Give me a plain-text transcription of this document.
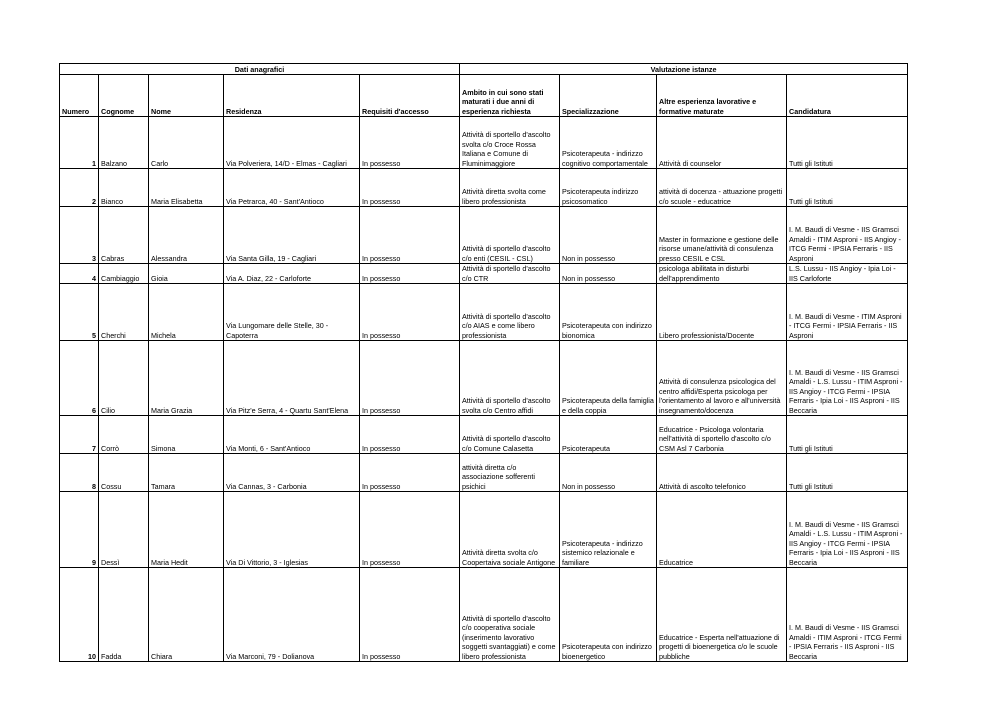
Dati anagrafici					Valutazione istanze			
Numero	Cognome	Nome	Residenza	Requisiti d'accesso	Ambito in cui sono stati maturati i due anni di esperienza richiesta	Specializzazione	Altre esperienza lavorative e formative maturate	Candidatura
1	Balzano	Carlo	Via Polveriera, 14/D - Elmas - Cagliari	In possesso	Attività di sportello d'ascolto svolta c/o Croce Rossa Italiana e Comune di Fluminimaggiore	Psicoterapeuta - indirizzo cognitivo comportamentale	Attività di counselor	Tutti gli Istituti
2	Bianco	Maria Elisabetta	Via Petrarca, 40 - Sant'Antioco	In possesso	Attività diretta svolta come libero professionista	Psicoterapeuta indirizzo psicosomatico	attività di docenza - attuazione progetti c/o scuole - educatrice	Tutti gli Istituti
3	Cabras	Alessandra	Via Santa Gilla, 19 - Cagliari	In possesso	Attività di sportello d'ascolto c/o enti (CESIL - CSL)	Non in possesso	Master in formazione e gestione delle risorse umane/attività di consulenza presso CESIL e CSL	I. M. Baudi di Vesme - IIS Gramsci Amaldi - ITIM Asproni - IIS Angioy - ITCG Fermi - IPSIA Ferraris - IIS Asproni
4	Cambiaggio	Gioia	Via A. Diaz, 22 - Carloforte	In possesso	Attività di sportello d'ascolto c/o CTR	Non in possesso	psicologa abilitata in disturbi dell'apprendimento	L.S. Lussu - IIS Angioy - Ipia Loi - IIS Carloforte
5	Cherchi	Michela	Via Lungomare delle Stelle, 30 - Capoterra	In possesso	Attività di sportello d'ascolto c/o AIAS e come libero professionista	Psicoterapeuta con indirizzo bionomica	Libero professionista/Docente	I. M. Baudi di Vesme - ITIM Asproni - ITCG Fermi - IPSIA Ferraris - IIS Asproni
6	Cilio	Maria Grazia	Via Pitz'e Serra, 4 - Quartu Sant'Elena	In possesso	Attività di sportello d'ascolto svolta c/o Centro affidi	Psicoterapeuta della famiglia e della coppia	Attività di consulenza psicologica del centro affidi/Esperta psicologa per l'orientamento al lavoro e all'università insegnamento/docenza	I. M. Baudi di Vesme - IIS Gramsci Amaldi - L.S. Lussu - ITIM Asproni - IIS Angioy - ITCG Fermi - IPSIA Ferraris - Ipia Loi - IIS Asproni - IIS Beccaria
7	Corrò	Simona	Via Monti, 6 - Sant'Antioco	In possesso	Attività di sportello d'ascolto c/o Comune Calasetta	Psicoterapeuta	Educatrice - Psicologa volontaria nell'attività di sportello d'ascolto c/o CSM Asl 7 Carbonia	Tutti gli Istituti
8	Cossu	Tamara	Via Cannas, 3 - Carbonia	In possesso	attività diretta c/o associazione sofferenti psichici	Non in possesso	Attività di ascolto telefonico	Tutti gli Istituti
9	Dessì	Maria Hedit	Via Di Vittorio, 3 - Iglesias	In possesso	Attività diretta svolta c/o Coopertaiva sociale Antigone	Psicoterapeuta - indirizzo sistemico relazionale e familiare	Educatrice	I. M. Baudi di Vesme - IIS Gramsci Amaldi - L.S. Lussu - ITIM Asproni - IIS Angioy - ITCG Fermi - IPSIA Ferraris - Ipia Loi - IIS Asproni - IIS Beccaria
10	Fadda	Chiara	Via Marconi, 79 - Dolianova	In possesso	Attività di sportello d'ascolto c/o cooperativa sociale (inserimento lavorativo soggetti svantaggiati) e come libero professionista	Psicoterapeuta con indirizzo bioenergetico	Educatrice - Esperta nell'attuazione di progetti di bioenergetica c/o le scuole pubbliche	I. M. Baudi di Vesme - IIS Gramsci Amaldi - ITIM Asproni - ITCG Fermi - IPSIA Ferraris - IIS Asproni - IIS Beccaria
